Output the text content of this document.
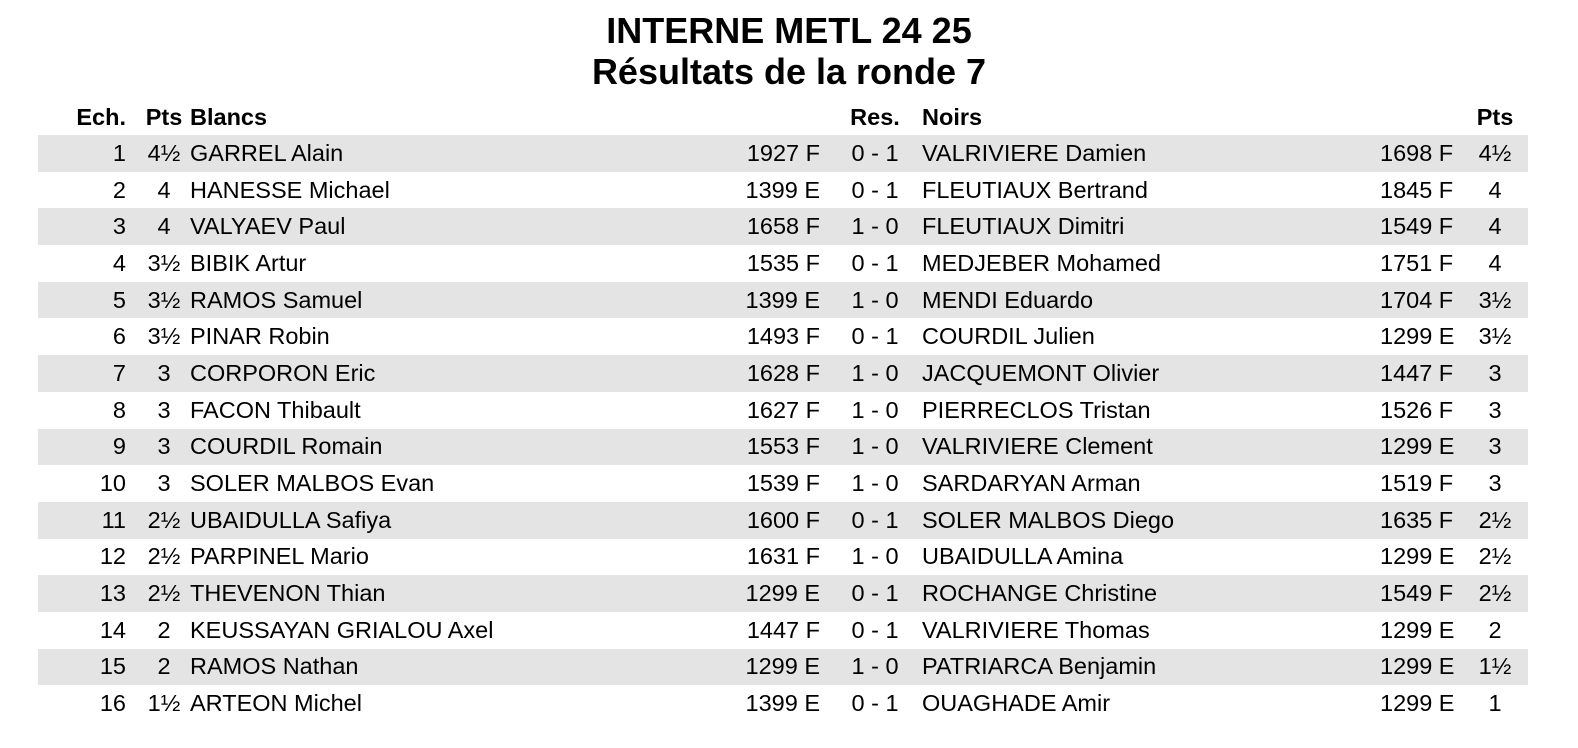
INTERNE METL 24 25
Résultats de la ronde 7
Ech.	Pts	Blancs		Res.	Noirs		Pts
1	4½	GARREL Alain	1927 F	0 - 1	VALRIVIERE Damien	1698 F	4½
2	4	HANESSE Michael	1399 E	0 - 1	FLEUTIAUX Bertrand	1845 F	4
3	4	VALYAEV Paul	1658 F	1 - 0	FLEUTIAUX Dimitri	1549 F	4
4	3½	BIBIK Artur	1535 F	0 - 1	MEDJEBER Mohamed	1751 F	4
5	3½	RAMOS Samuel	1399 E	1 - 0	MENDI Eduardo	1704 F	3½
6	3½	PINAR Robin	1493 F	0 - 1	COURDIL Julien	1299 E	3½
7	3	CORPORON Eric	1628 F	1 - 0	JACQUEMONT Olivier	1447 F	3
8	3	FACON Thibault	1627 F	1 - 0	PIERRECLOS Tristan	1526 F	3
9	3	COURDIL Romain	1553 F	1 - 0	VALRIVIERE Clement	1299 E	3
10	3	SOLER MALBOS Evan	1539 F	1 - 0	SARDARYAN Arman	1519 F	3
11	2½	UBAIDULLA Safiya	1600 F	0 - 1	SOLER MALBOS Diego	1635 F	2½
12	2½	PARPINEL Mario	1631 F	1 - 0	UBAIDULLA Amina	1299 E	2½
13	2½	THEVENON Thian	1299 E	0 - 1	ROCHANGE Christine	1549 F	2½
14	2	KEUSSAYAN GRIALOU Axel	1447 F	0 - 1	VALRIVIERE Thomas	1299 E	2
15	2	RAMOS Nathan	1299 E	1 - 0	PATRIARCA Benjamin	1299 E	1½
16	1½	ARTEON Michel	1399 E	0 - 1	OUAGHADE Amir	1299 E	1
